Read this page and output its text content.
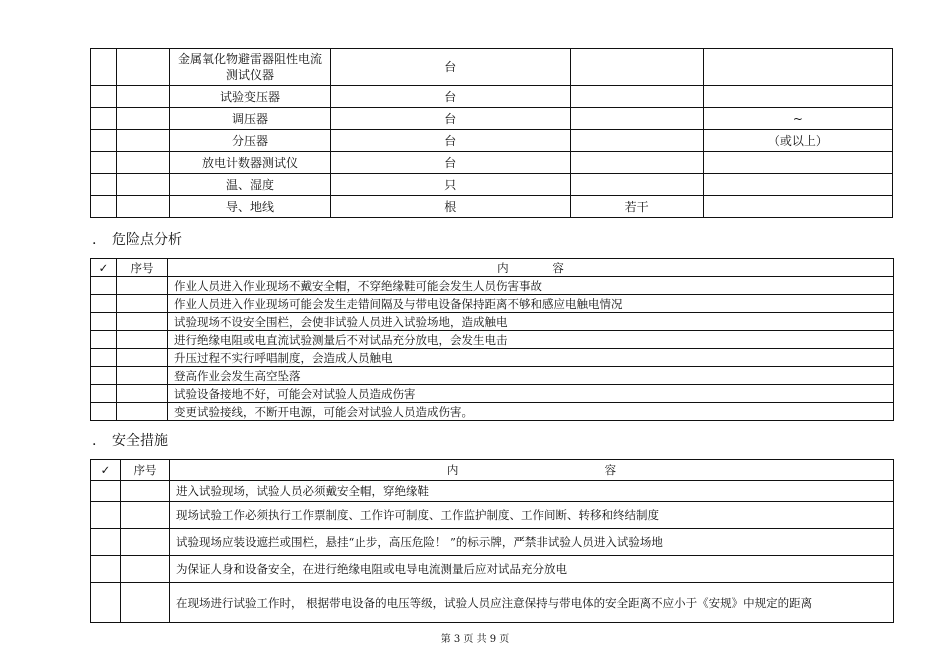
		金属氧化物避雷器阻性电流测试仪器	台		
		试验变压器	台		
		调压器	台		~
		分压器	台		（或以上）
		放电计数器测试仪	台		
		温、湿度	只		
		导、地线	根	若干	
. 危险点分析
✓	序号	内            容
		作业人员进入作业现场不戴安全帽，不穿绝缘鞋可能会发生人员伤害事故
		作业人员进入作业现场可能会发生走错间隔及与带电设备保持距离不够和感应电触电情况
		试验现场不设安全围栏，会使非试验人员进入试验场地，造成触电
		进行绝缘电阻或电直流试验测量后不对试品充分放电，会发生电击
		升压过程不实行呼唱制度，会造成人员触电
		登高作业会发生高空坠落
		试验设备接地不好，可能会对试验人员造成伤害
		变更试验接线，不断开电源，可能会对试验人员造成伤害。
. 安全措施
✓	序号	内                                        容
		进入试验现场，试验人员必须戴安全帽，穿绝缘鞋
		现场试验工作必须执行工作票制度、工作许可制度、工作监护制度、工作间断、转移和终结制度
		试验现场应装设遮拦或围栏，悬挂“止步，高压危险！ ”的标示牌，严禁非试验人员进入试验场地
		为保证人身和设备安全，在进行绝缘电阻或电导电流测量后应对试品充分放电
		在现场进行试验工作时， 根据带电设备的电压等级，试验人员应注意保持与带电体的安全距离不应小于《安规》中规定的距离
第 3 页 共 9 页
